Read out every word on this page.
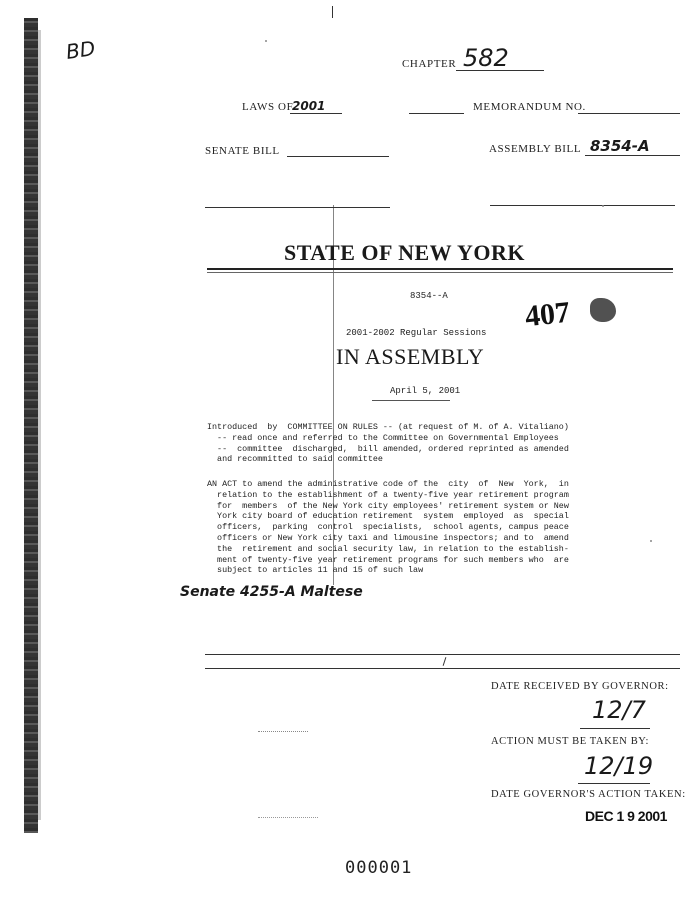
BD
CHAPTER 582
LAWS OF
2001	MEMORANDUM NO.
SENATE BILL	ASSEMBLY BILL 8354-A
STATE OF NEW YORK
8354--A	407
2001-2002 Regular Sessions
IN ASSEMBLY
April 5, 2001
Introduced  by  COMMITTEE ON RULES -- (at request of M. of A. Vitaliano)
-- read once and referred to the Committee on Governmental Employees
--  committee  discharged,  bill amended, ordered reprinted as amended
and recommitted to said committee
AN ACT to amend the administrative code of the  city  of  New  York,  in
relation to the establishment of a twenty-five year retirement program
for  members  of the New York city employees' retirement system or New
York city board of education retirement  system  employed  as  special
officers,  parking  control  specialists,  school agents, campus peace
officers or New York city taxi and limousine inspectors; and to  amend
the  retirement and social security law, in relation to the establish-
ment of twenty-five year retirement programs for such members who  are
subject to articles 11 and 15 of such law
Senate 4255-A Maltese
DATE RECEIVED BY GOVERNOR:
12/7
ACTION MUST BE TAKEN BY:
12/19
DATE GOVERNOR'S ACTION TAKEN:
DEC 1 9 2001
000001
